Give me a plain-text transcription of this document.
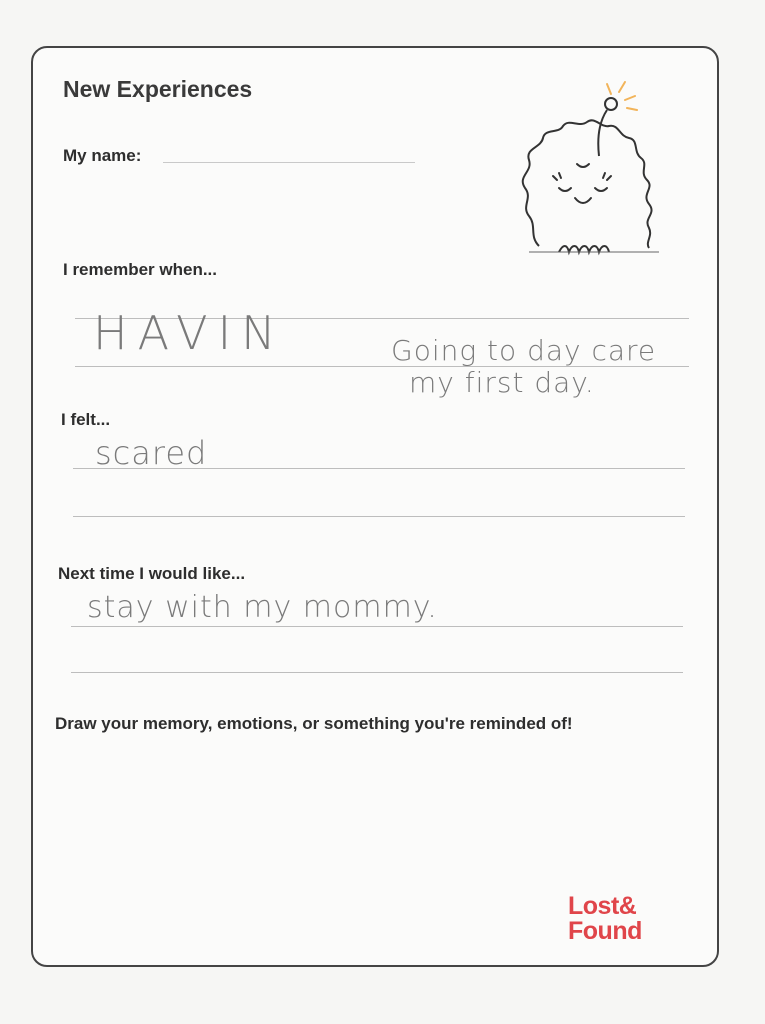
New Experiences
My name:
I remember when...
HAVIN	Going to day care
my first day.
I felt...
scared
Next time I would like...
stay with my mommy.
Draw your memory, emotions, or something you're reminded of!
Lost&
Found
